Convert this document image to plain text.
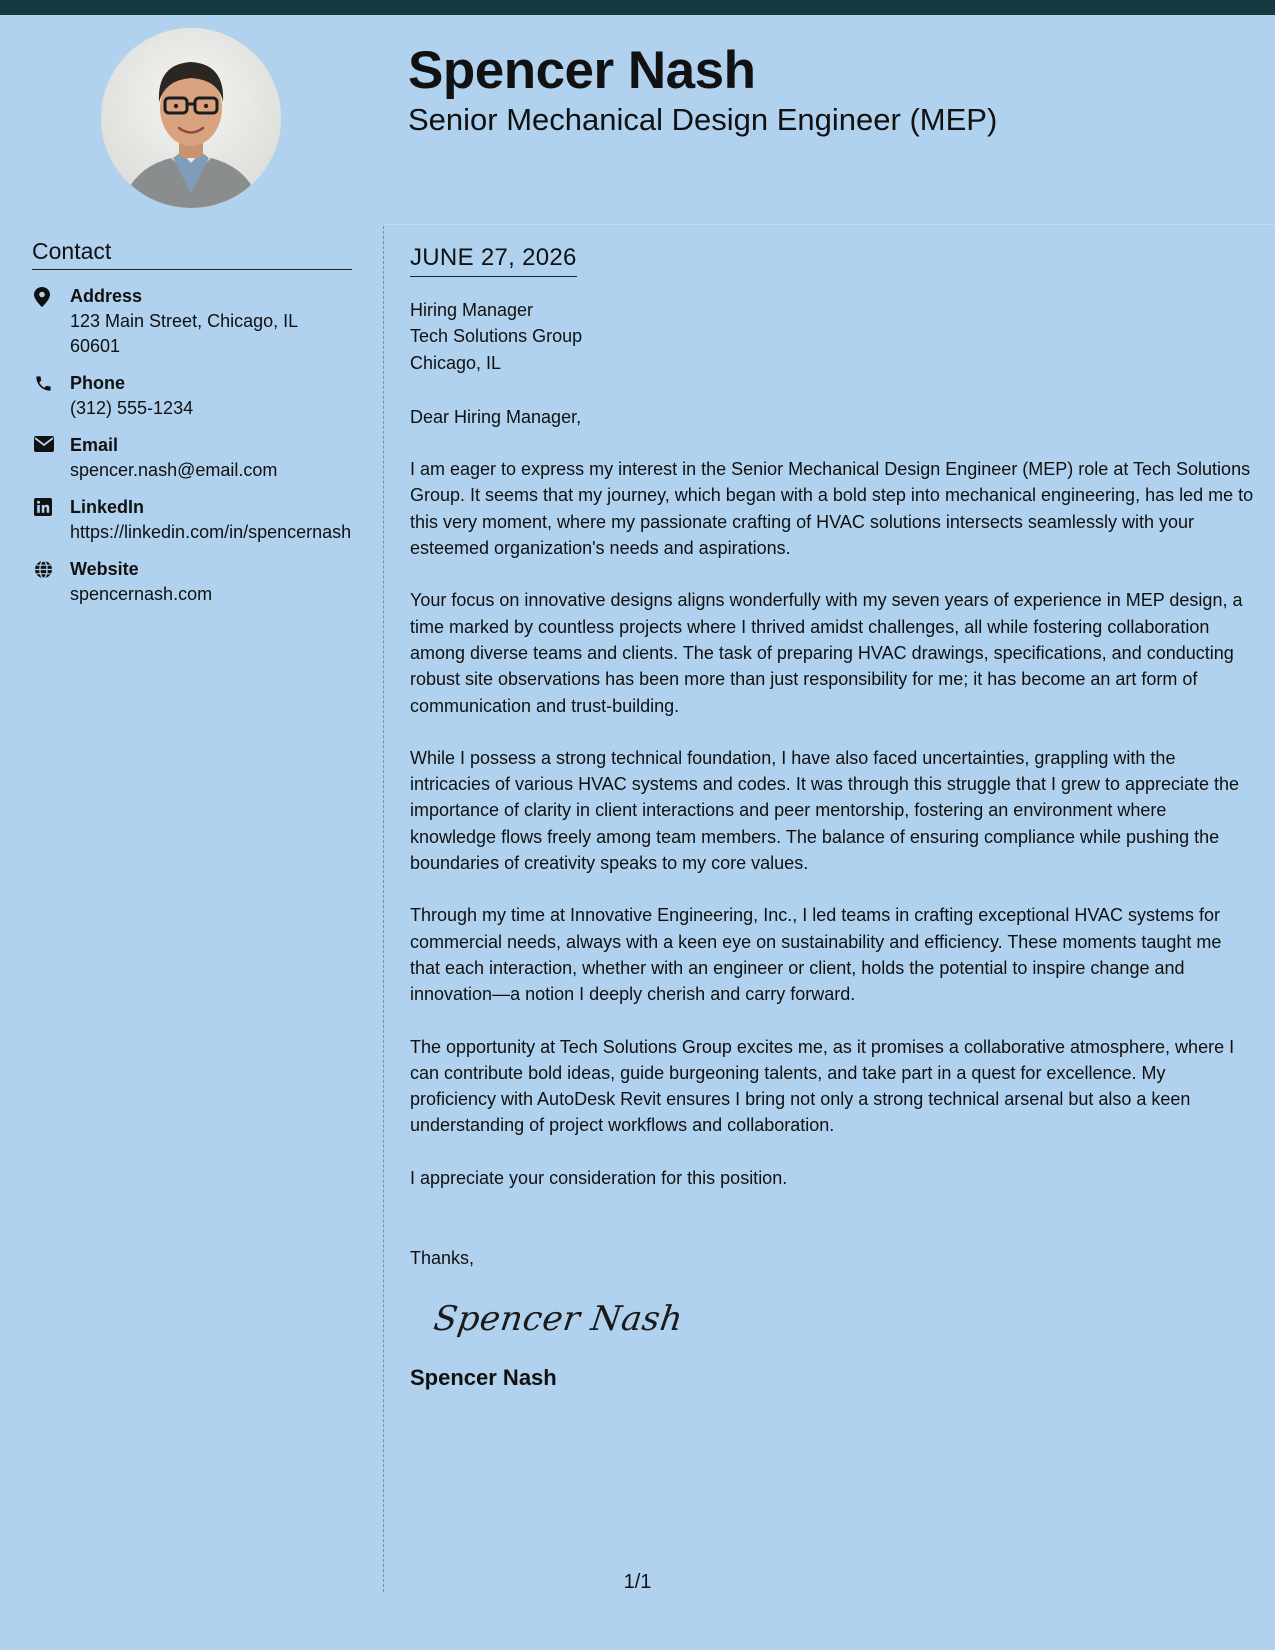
Spencer Nash
Senior Mechanical Design Engineer (MEP)
Contact
Address
123 Main Street, Chicago, IL 60601
Phone
(312) 555-1234
Email
spencer.nash@email.com
LinkedIn
https://linkedin.com/in/spencernash
Website
spencernash.com
JUNE 27, 2026
Hiring Manager
Tech Solutions Group
Chicago, IL
Dear Hiring Manager,

I am eager to express my interest in the Senior Mechanical Design Engineer (MEP) role at Tech Solutions Group. It seems that my journey, which began with a bold step into mechanical engineering, has led me to this very moment, where my passionate crafting of HVAC solutions intersects seamlessly with your esteemed organization's needs and aspirations.

Your focus on innovative designs aligns wonderfully with my seven years of experience in MEP design, a time marked by countless projects where I thrived amidst challenges, all while fostering collaboration among diverse teams and clients. The task of preparing HVAC drawings, specifications, and conducting robust site observations has been more than just responsibility for me; it has become an art form of communication and trust-building.

While I possess a strong technical foundation, I have also faced uncertainties, grappling with the intricacies of various HVAC systems and codes. It was through this struggle that I grew to appreciate the importance of clarity in client interactions and peer mentorship, fostering an environment where knowledge flows freely among team members. The balance of ensuring compliance while pushing the boundaries of creativity speaks to my core values.

Through my time at Innovative Engineering, Inc., I led teams in crafting exceptional HVAC systems for commercial needs, always with a keen eye on sustainability and efficiency. These moments taught me that each interaction, whether with an engineer or client, holds the potential to inspire change and innovation—a notion I deeply cherish and carry forward.

The opportunity at Tech Solutions Group excites me, as it promises a collaborative atmosphere, where I can contribute bold ideas, guide burgeoning talents, and take part in a quest for excellence. My proficiency with AutoDesk Revit ensures I bring not only a strong technical arsenal but also a keen understanding of project workflows and collaboration.

I appreciate your consideration for this position.
Thanks,
Spencer Nash
Spencer Nash
1/1
